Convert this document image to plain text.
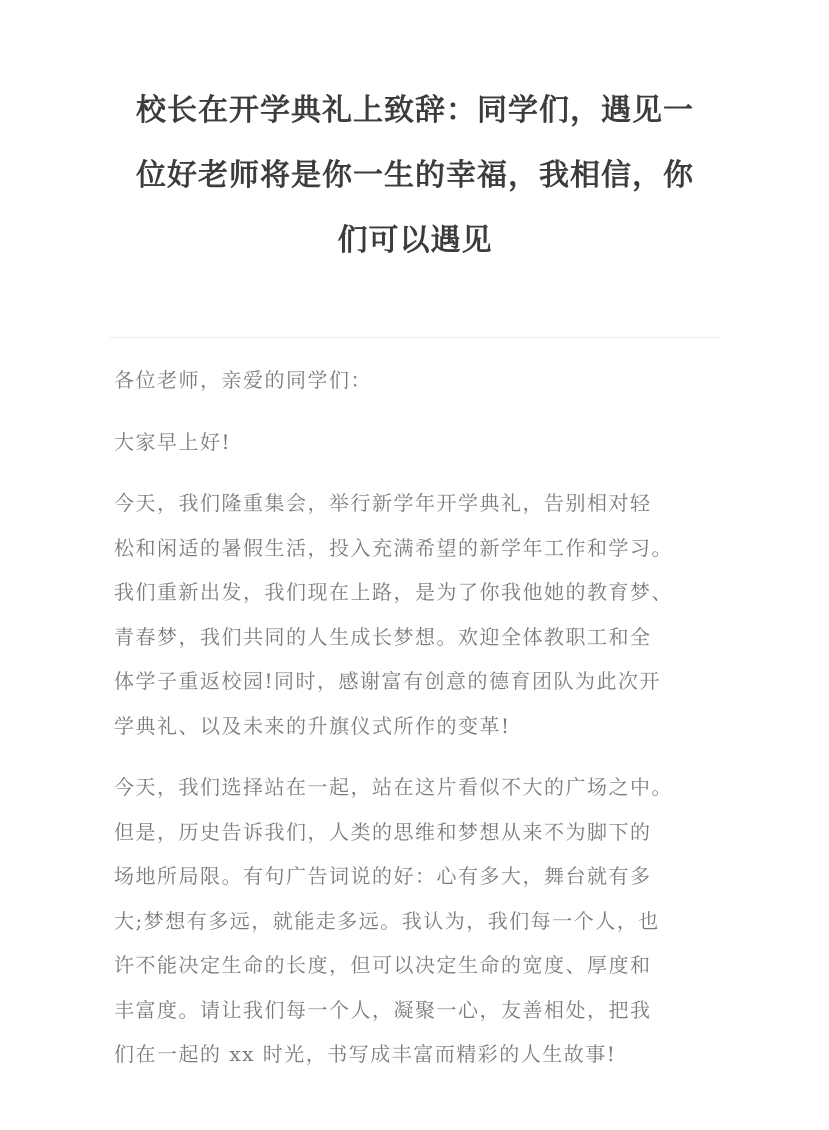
校长在开学典礼上致辞：同学们，遇见一
位好老师将是你一生的幸福，我相信，你
们可以遇见

各位老师，亲爱的同学们：

大家早上好!

今天，我们隆重集会，举行新学年开学典礼，告别相对轻
松和闲适的暑假生活，投入充满希望的新学年工作和学习。
我们重新出发，我们现在上路，是为了你我他她的教育梦、
青春梦，我们共同的人生成长梦想。欢迎全体教职工和全
体学子重返校园!同时，感谢富有创意的德育团队为此次开
学典礼、以及未来的升旗仪式所作的变革!

今天，我们选择站在一起，站在这片看似不大的广场之中。
但是，历史告诉我们，人类的思维和梦想从来不为脚下的
场地所局限。有句广告词说的好：心有多大，舞台就有多
大;梦想有多远，就能走多远。我认为，我们每一个人，也
许不能决定生命的长度，但可以决定生命的宽度、厚度和
丰富度。请让我们每一个人，凝聚一心，友善相处，把我
们在一起的 xx 时光，书写成丰富而精彩的人生故事!
